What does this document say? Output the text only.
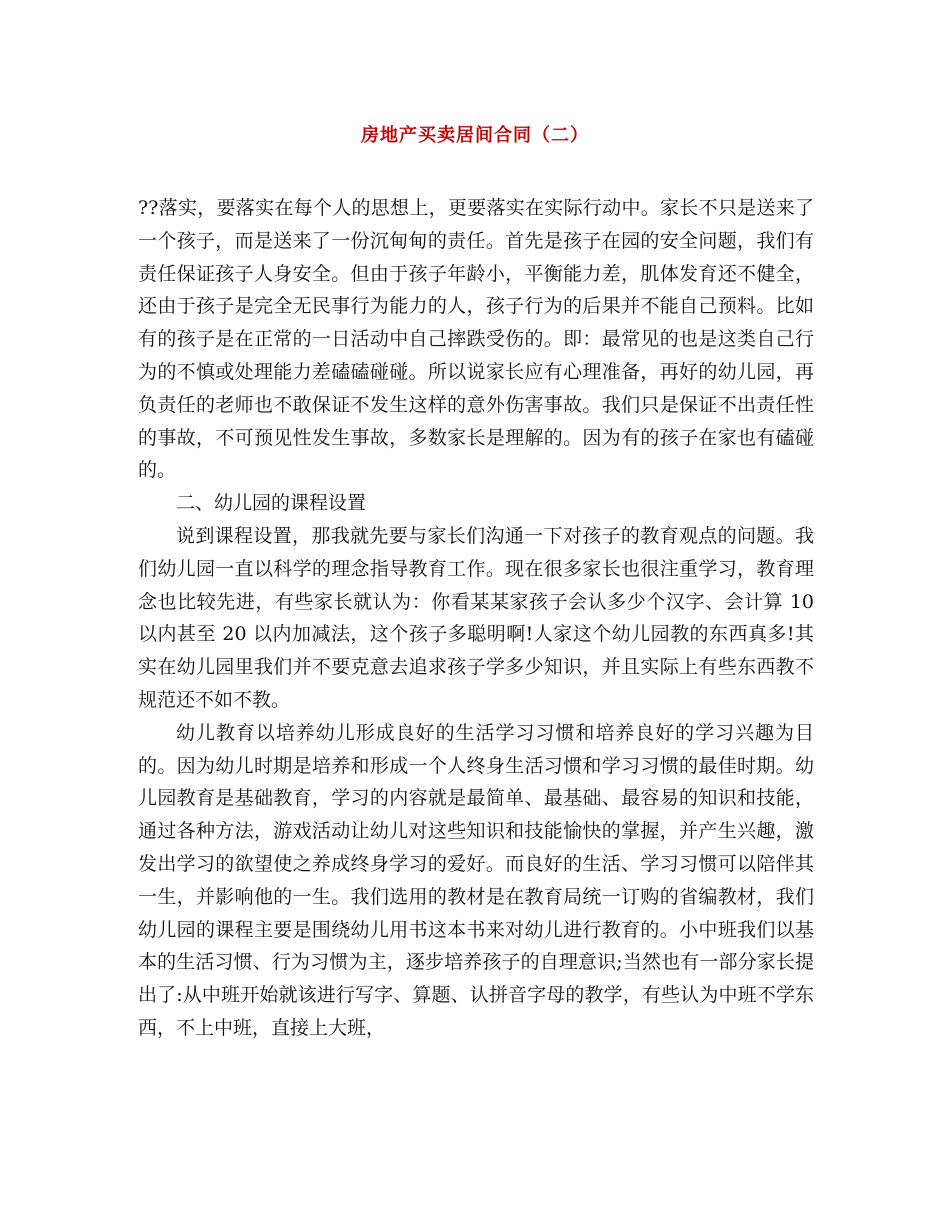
房地产买卖居间合同（二）

??落实，要落实在每个人的思想上，更要落实在实际行动中。家长不只是送来了一个孩子，而是送来了一份沉甸甸的责任。首先是孩子在园的安全问题，我们有责任保证孩子人身安全。但由于孩子年龄小，平衡能力差，肌体发育还不健全，还由于孩子是完全无民事行为能力的人，孩子行为的后果并不能自己预料。比如有的孩子是在正常的一日活动中自己摔跌受伤的。即：最常见的也是这类自己行为的不慎或处理能力差磕磕碰碰。所以说家长应有心理准备，再好的幼儿园，再负责任的老师也不敢保证不发生这样的意外伤害事故。我们只是保证不出责任性的事故，不可预见性发生事故，多数家长是理解的。因为有的孩子在家也有磕碰的。

二、幼儿园的课程设置

说到课程设置，那我就先要与家长们沟通一下对孩子的教育观点的问题。我们幼儿园一直以科学的理念指导教育工作。现在很多家长也很注重学习，教育理念也比较先进，有些家长就认为：你看某某家孩子会认多少个汉字、会计算 10 以内甚至 20 以内加减法，这个孩子多聪明啊!人家这个幼儿园教的东西真多!其实在幼儿园里我们并不要克意去追求孩子学多少知识，并且实际上有些东西教不规范还不如不教。

幼儿教育以培养幼儿形成良好的生活学习习惯和培养良好的学习兴趣为目的。因为幼儿时期是培养和形成一个人终身生活习惯和学习习惯的最佳时期。幼儿园教育是基础教育，学习的内容就是最简单、最基础、最容易的知识和技能，通过各种方法，游戏活动让幼儿对这些知识和技能愉快的掌握，并产生兴趣，激发出学习的欲望使之养成终身学习的爱好。而良好的生活、学习习惯可以陪伴其一生，并影响他的一生。我们选用的教材是在教育局统一订购的省编教材，我们幼儿园的课程主要是围绕幼儿用书这本书来对幼儿进行教育的。小中班我们以基本的生活习惯、行为习惯为主，逐步培养孩子的自理意识;当然也有一部分家长提出了:从中班开始就该进行写字、算题、认拼音字母的教学，有些认为中班不学东西，不上中班，直接上大班，
